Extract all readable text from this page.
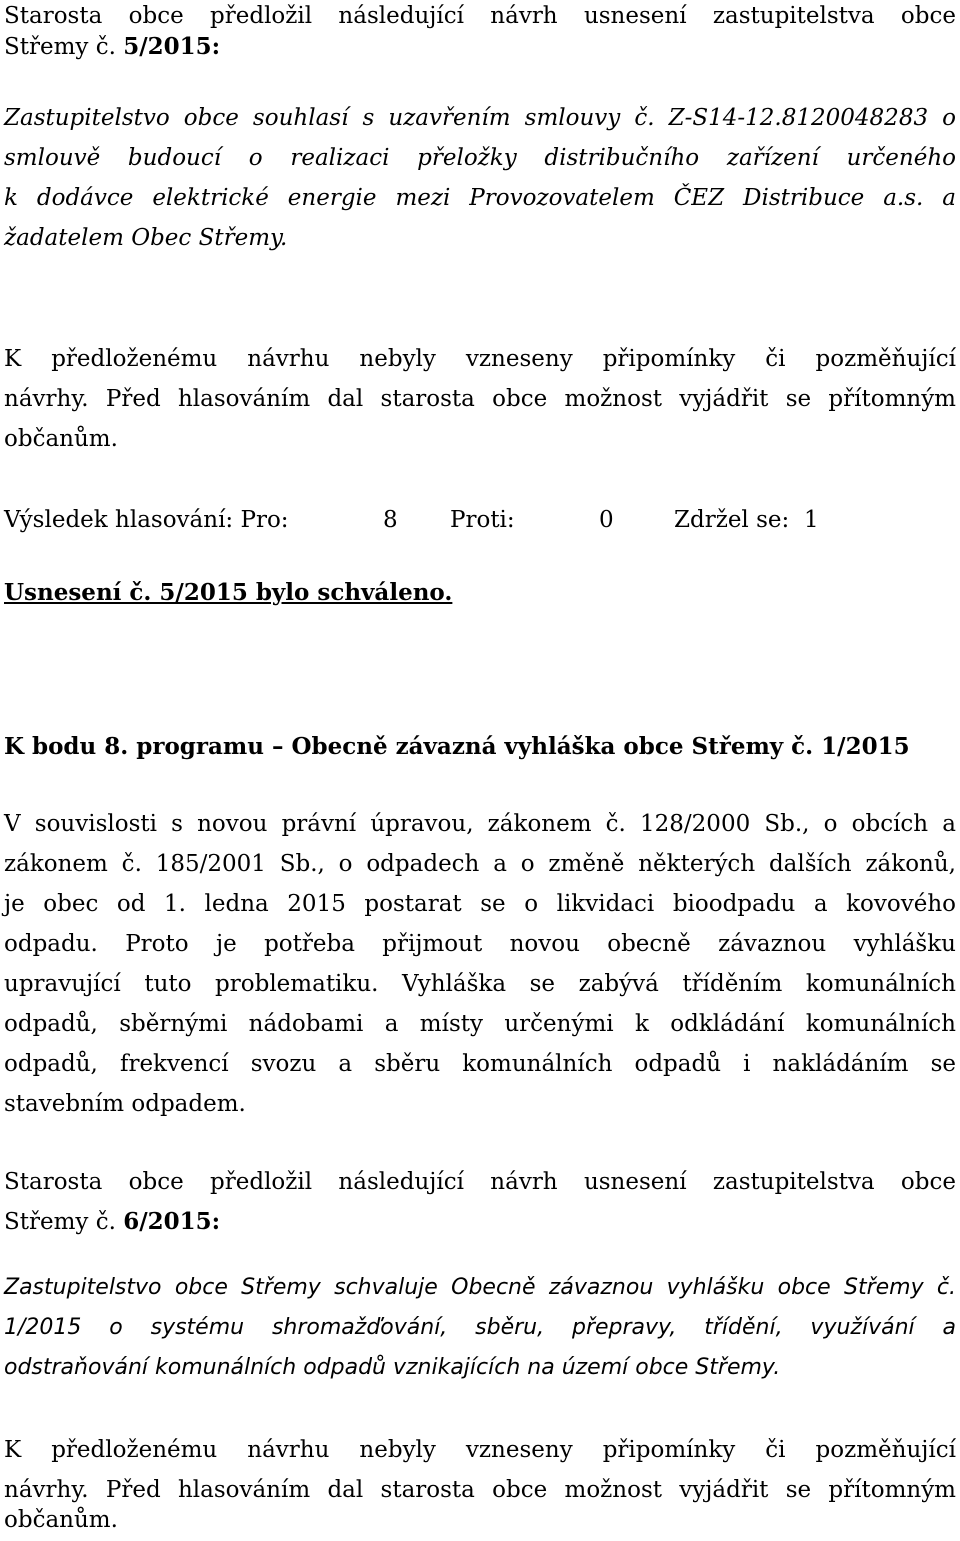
Starosta obce předložil následující návrh usnesení zastupitelstva obce

Střemy č. 5/2015:

Zastupitelstvo obce souhlasí s uzavřením smlouvy č. Z-S14-12.8120048283 o

smlouvě budoucí o realizaci přeložky distribučního zařízení určeného

k dodávce elektrické energie mezi Provozovatelem ČEZ Distribuce a.s. a

žadatelem Obec Střemy.

K předloženému návrhu nebyly vzneseny připomínky či pozměňující

návrhy. Před hlasováním dal starosta obce možnost vyjádřit se přítomným

občanům.

Výsledek hlasování: Pro:	8 Proti:	0	Zdržel se: 1

Usnesení č. 5/2015 bylo schváleno.

K bodu 8. programu – Obecně závazná vyhláška obce Střemy č. 1/2015

V souvislosti s novou právní úpravou, zákonem č. 128/2000 Sb., o obcích a

zákonem č. 185/2001 Sb., o odpadech a o změně některých dalších zákonů,

je obec od 1. ledna 2015 postarat se o likvidaci bioodpadu a kovového

odpadu. Proto je potřeba přijmout novou obecně závaznou vyhlášku

upravující tuto problematiku. Vyhláška se zabývá tříděním komunálních

odpadů, sběrnými nádobami a místy určenými k odkládání komunálních

odpadů, frekvencí svozu a sběru komunálních odpadů i nakládáním se

stavebním odpadem.

Starosta obce předložil následující návrh usnesení zastupitelstva obce

Střemy č. 6/2015:

Zastupitelstvo obce Střemy schvaluje Obecně závaznou vyhlášku obce Střemy č.

1/2015 o systému shromažďování, sběru, přepravy, třídění, využívání a

odstraňování komunálních odpadů vznikajících na území obce Střemy.

K předloženému návrhu nebyly vzneseny připomínky či pozměňující

návrhy. Před hlasováním dal starosta obce možnost vyjádřit se přítomným

občanům.
